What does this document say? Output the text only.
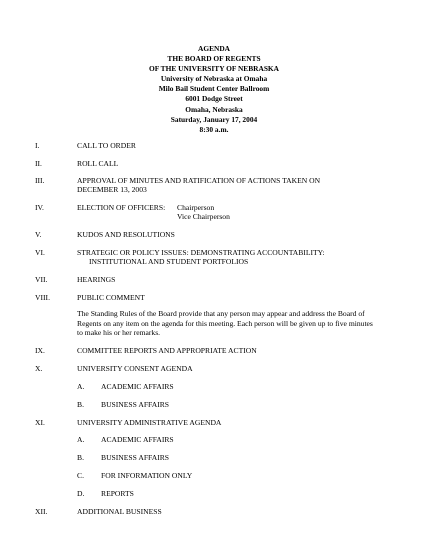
AGENDA
THE BOARD OF REGENTS
OF THE UNIVERSITY OF NEBRASKA
University of Nebraska at Omaha
Milo Bail Student Center Ballroom
6001 Dodge Street
Omaha, Nebraska
Saturday, January 17, 2004
8:30 a.m.
I.	CALL TO ORDER
II.	ROLL CALL
III.	APPROVAL OF MINUTES AND RATIFICATION OF ACTIONS TAKEN ON
DECEMBER 13, 2003
IV.	ELECTION OF OFFICERS: Chairperson
Vice Chairperson
V.	KUDOS AND RESOLUTIONS
VI.	STRATEGIC OR POLICY ISSUES: DEMONSTRATING ACCOUNTABILITY:
INSTITUTIONAL AND STUDENT PORTFOLIOS
VII.	HEARINGS
VIII.	PUBLIC COMMENT
The Standing Rules of the Board provide that any person may appear and address the Board of Regents on any item on the agenda for this meeting. Each person will be given up to five minutes to make his or her remarks.
IX.	COMMITTEE REPORTS AND APPROPRIATE ACTION
X.	UNIVERSITY CONSENT AGENDA
A. ACADEMIC AFFAIRS
B. BUSINESS AFFAIRS
XI.	UNIVERSITY ADMINISTRATIVE AGENDA
A. ACADEMIC AFFAIRS
B. BUSINESS AFFAIRS
C. FOR INFORMATION ONLY
D. REPORTS
XII.	ADDITIONAL BUSINESS
